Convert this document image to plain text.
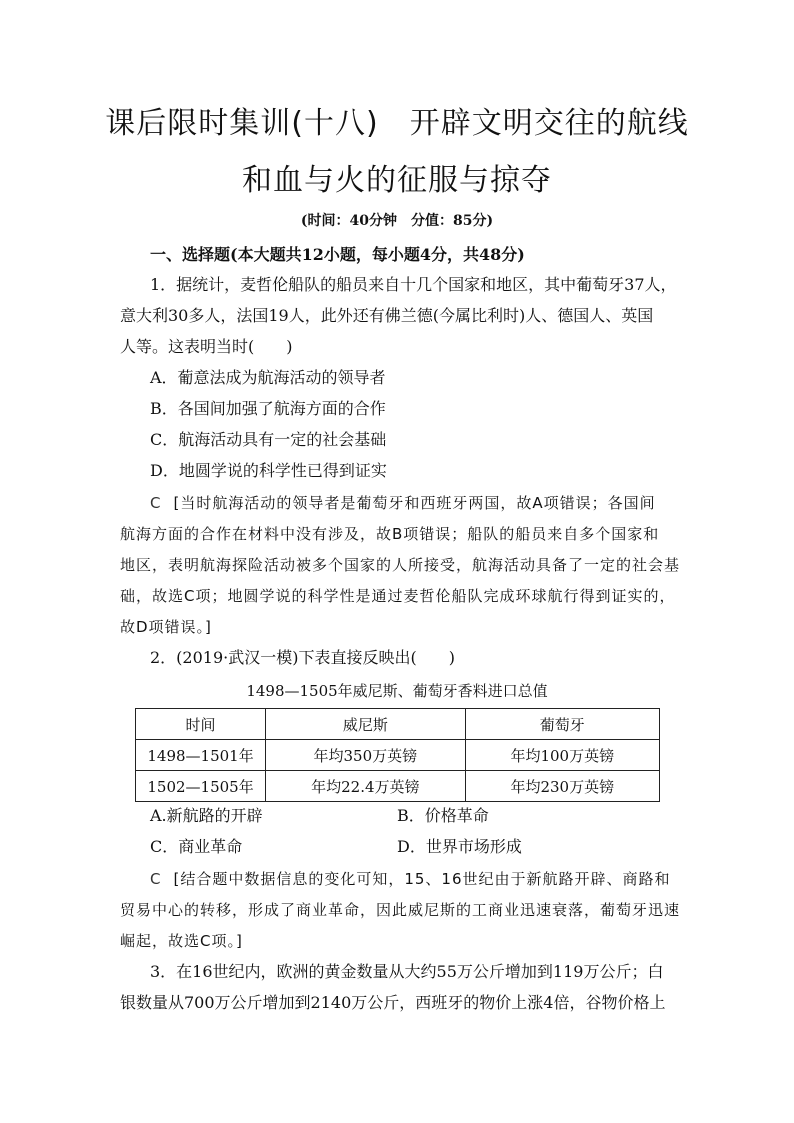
课后限时集训(十八)　开辟文明交往的航线
和血与火的征服与掠夺
(时间：40分钟　分值：85分)
一、选择题(本大题共12小题，每小题4分，共48分)
1．据统计，麦哲伦船队的船员来自十几个国家和地区，其中葡萄牙37人，
意大利30多人，法国19人，此外还有佛兰德(今属比利时)人、德国人、英国
人等。这表明当时(　　)
A．葡意法成为航海活动的领导者
B．各国间加强了航海方面的合作
C．航海活动具有一定的社会基础
D．地圆学说的科学性已得到证实
C [当时航海活动的领导者是葡萄牙和西班牙两国，故A项错误；各国间
航海方面的合作在材料中没有涉及，故B项错误；船队的船员来自多个国家和
地区，表明航海探险活动被多个国家的人所接受，航海活动具备了一定的社会基
础，故选C项；地圆学说的科学性是通过麦哲伦船队完成环球航行得到证实的，
故D项错误。]
2．(2019·武汉一模)下表直接反映出(　　)
1498—1505年威尼斯、葡萄牙香料进口总值
时间	威尼斯	葡萄牙
1498—1501年	年均350万英镑	年均100万英镑
1502—1505年	年均22.4万英镑	年均230万英镑
A.新航路的开辟	B．价格革命
C．商业革命	D．世界市场形成
C [结合题中数据信息的变化可知，15、16世纪由于新航路开辟、商路和
贸易中心的转移，形成了商业革命，因此威尼斯的工商业迅速衰落，葡萄牙迅速
崛起，故选C项。]
3．在16世纪内，欧洲的黄金数量从大约55万公斤增加到119万公斤；白
银数量从700万公斤增加到2140万公斤，西班牙的物价上涨4倍，谷物价格上
